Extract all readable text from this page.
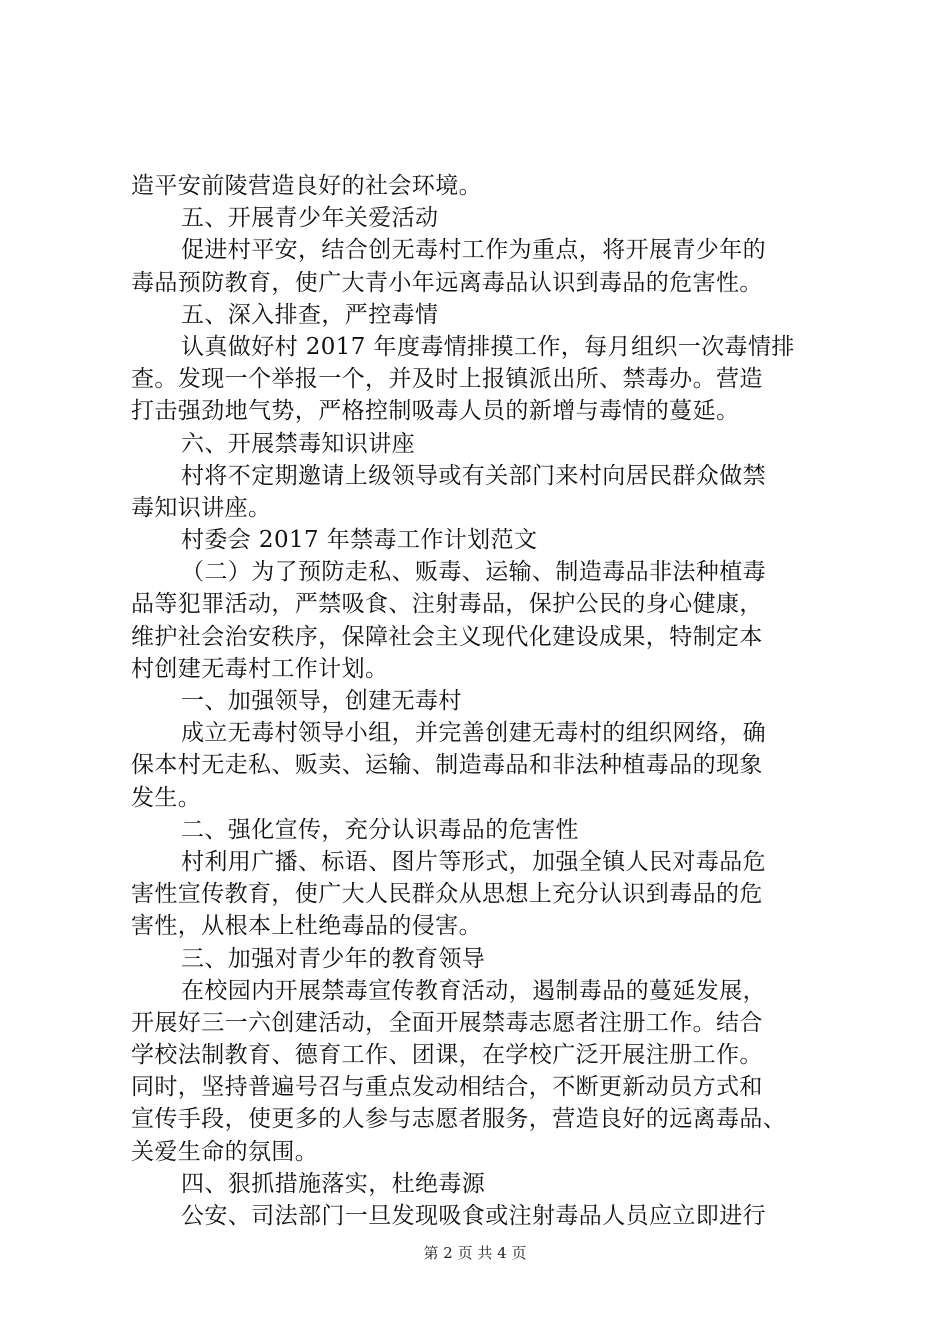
造平安前陵营造良好的社会环境。
五、开展青少年关爱活动
促进村平安，结合创无毒村工作为重点，将开展青少年的
毒品预防教育，使广大青小年远离毒品认识到毒品的危害性。
五、深入排查，严控毒情
认真做好村 2017 年度毒情排摸工作，每月组织一次毒情排
查。发现一个举报一个，并及时上报镇派出所、禁毒办。营造
打击强劲地气势，严格控制吸毒人员的新增与毒情的蔓延。
六、开展禁毒知识讲座
村将不定期邀请上级领导或有关部门来村向居民群众做禁
毒知识讲座。
村委会 2017 年禁毒工作计划范文
（二）为了预防走私、贩毒、运输、制造毒品非法种植毒
品等犯罪活动，严禁吸食、注射毒品，保护公民的身心健康，
维护社会治安秩序，保障社会主义现代化建设成果，特制定本
村创建无毒村工作计划。
一、加强领导，创建无毒村
成立无毒村领导小组，并完善创建无毒村的组织网络，确
保本村无走私、贩卖、运输、制造毒品和非法种植毒品的现象
发生。
二、强化宣传，充分认识毒品的危害性
村利用广播、标语、图片等形式，加强全镇人民对毒品危
害性宣传教育，使广大人民群众从思想上充分认识到毒品的危
害性，从根本上杜绝毒品的侵害。
三、加强对青少年的教育领导
在校园内开展禁毒宣传教育活动，遏制毒品的蔓延发展，
开展好三一六创建活动，全面开展禁毒志愿者注册工作。结合
学校法制教育、德育工作、团课，在学校广泛开展注册工作。
同时，坚持普遍号召与重点发动相结合，不断更新动员方式和
宣传手段，使更多的人参与志愿者服务，营造良好的远离毒品、
关爱生命的氛围。
四、狠抓措施落实，杜绝毒源
公安、司法部门一旦发现吸食或注射毒品人员应立即进行
第 2 页 共 4 页
